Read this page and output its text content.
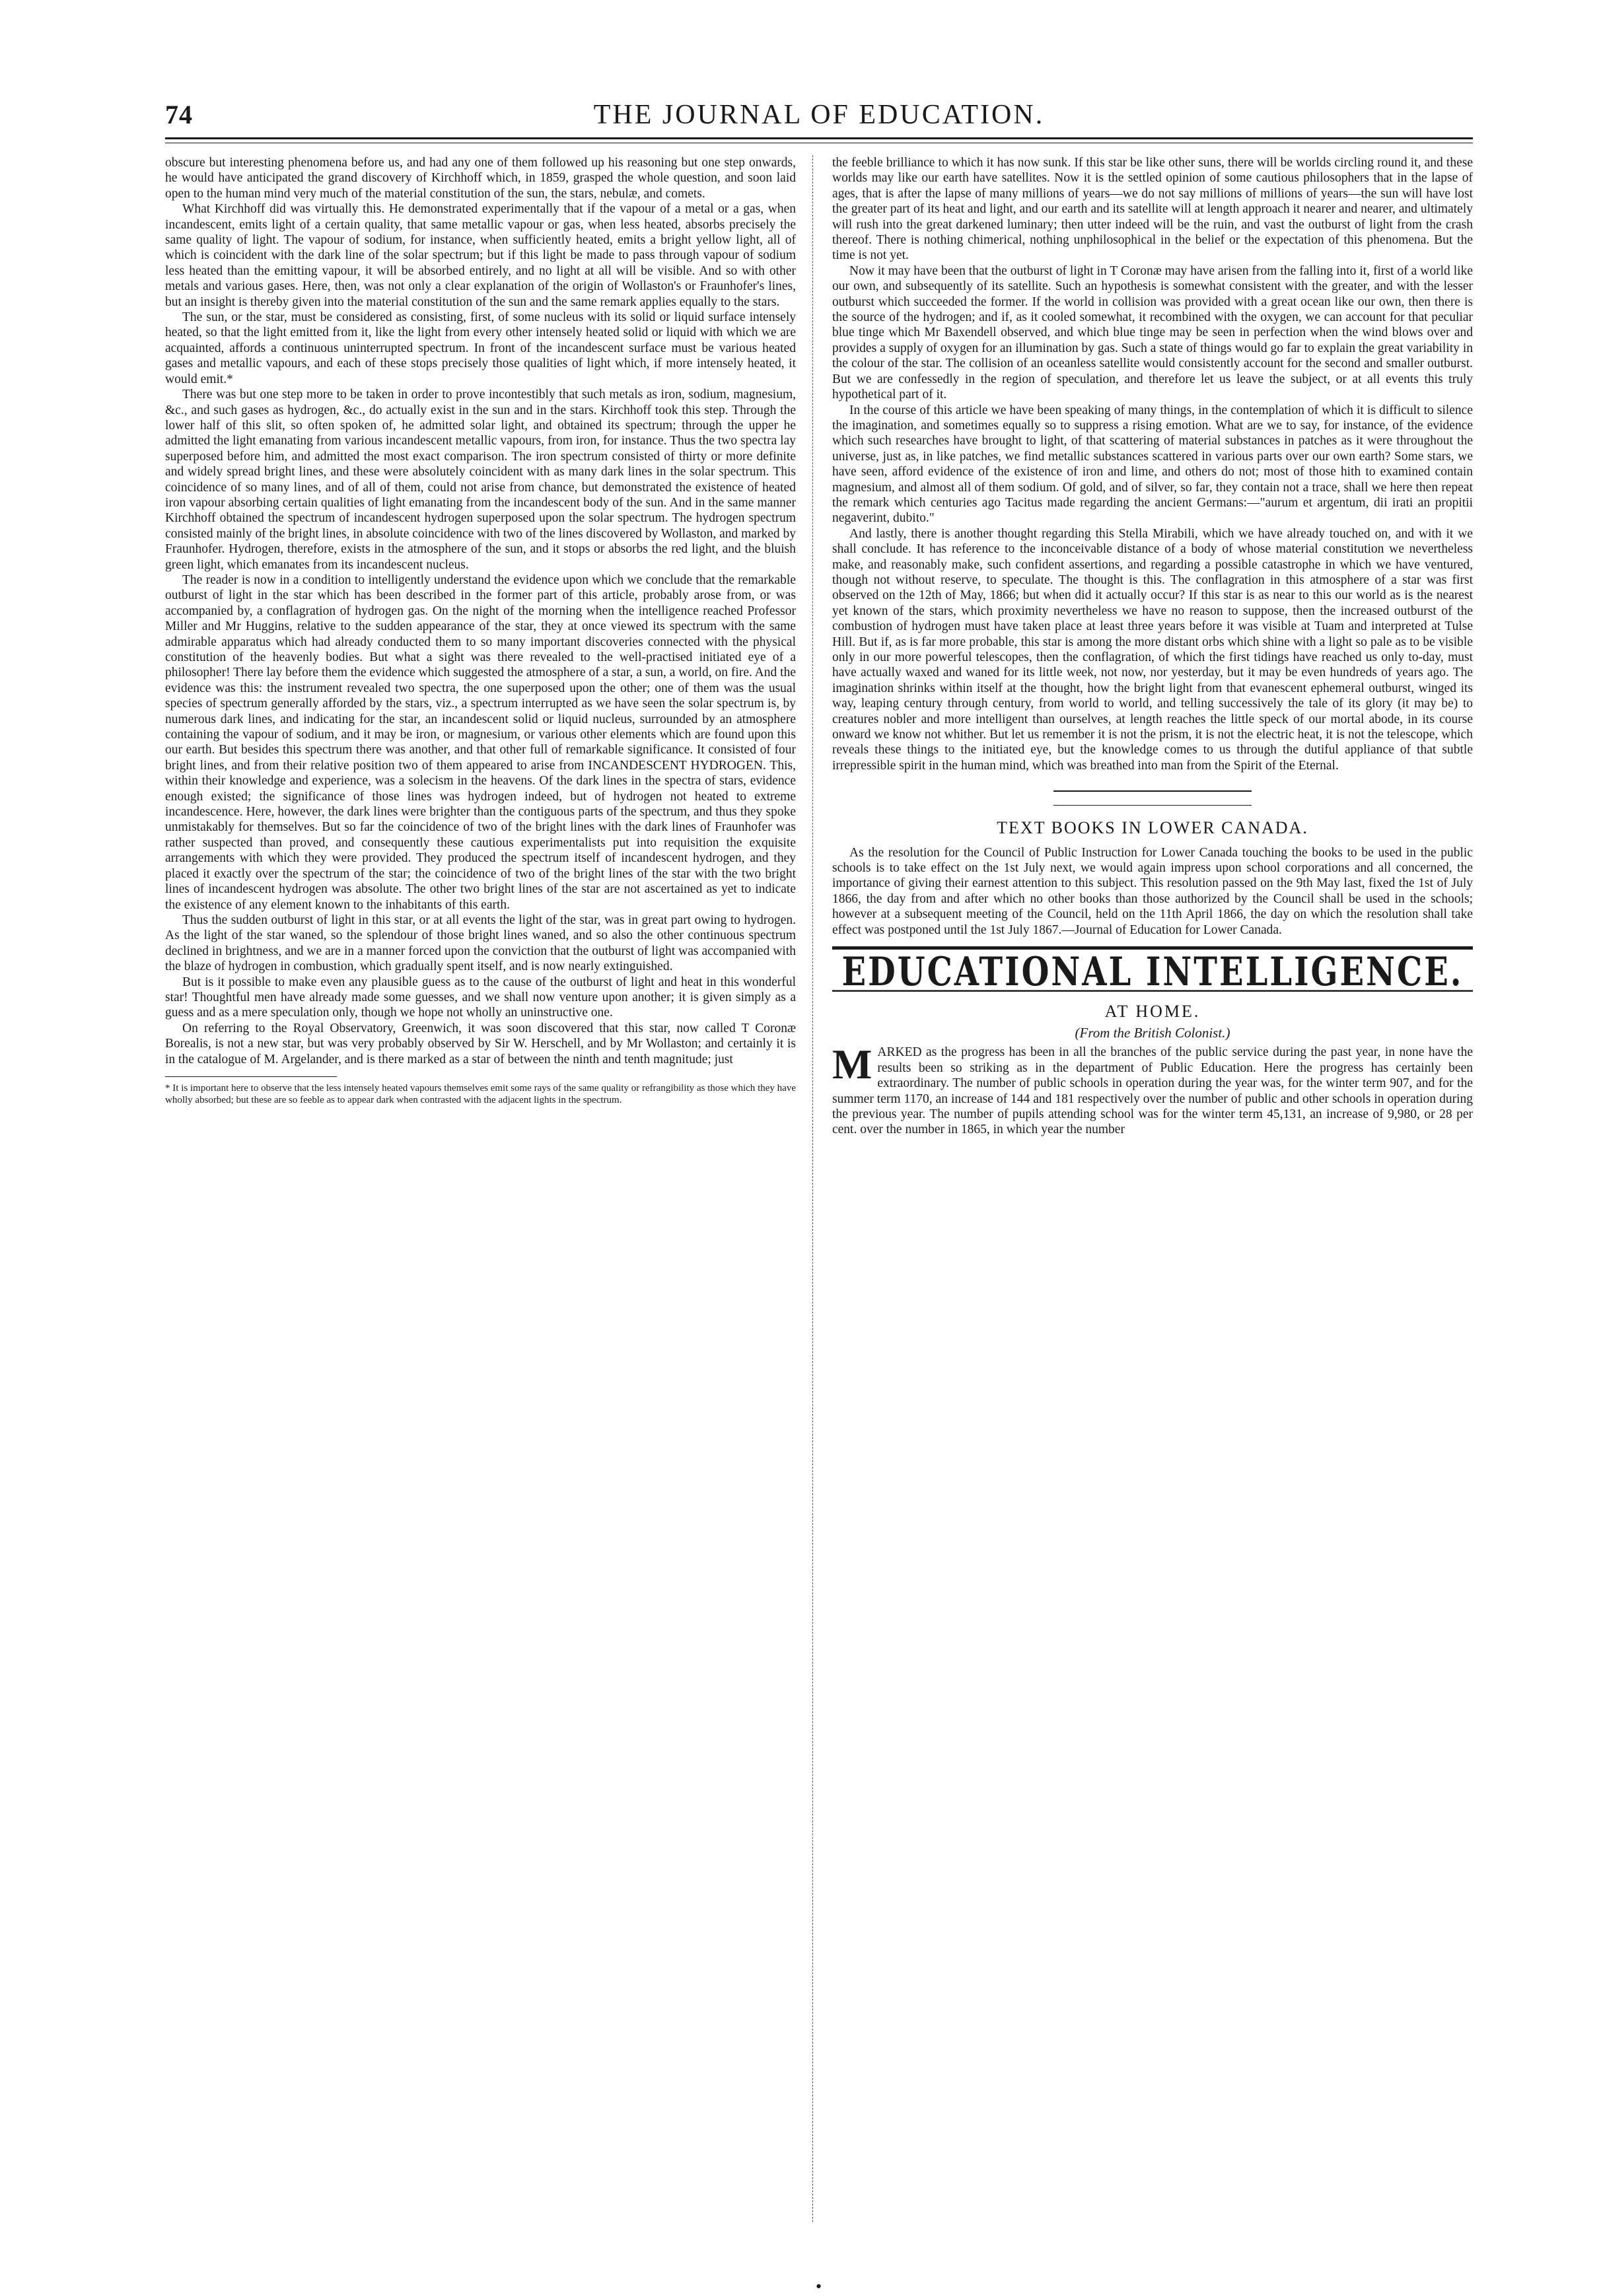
74	THE JOURNAL OF EDUCATION.

obscure but interesting phenomena before us, and had any one of them followed up his reasoning but one step onwards, he would have anticipated the grand discovery of Kirchhoff which, in 1859, grasped the whole question, and soon laid open to the human mind very much of the material constitution of the sun, the stars, nebulæ, and comets.

What Kirchhoff did was virtually this. He demonstrated experimentally that if the vapour of a metal or a gas, when incandescent, emits light of a certain quality, that same metallic vapour or gas, when less heated, absorbs precisely the same quality of light. The vapour of sodium, for instance, when sufficiently heated, emits a bright yellow light, all of which is coincident with the dark line of the solar spectrum; but if this light be made to pass through vapour of sodium less heated than the emitting vapour, it will be absorbed entirely, and no light at all will be visible. And so with other metals and various gases. Here, then, was not only a clear explanation of the origin of Wollaston's or Fraunhofer's lines, but an insight is thereby given into the material constitution of the sun and the same remark applies equally to the stars.

The sun, or the star, must be considered as consisting, first, of some nucleus with its solid or liquid surface intensely heated, so that the light emitted from it, like the light from every other intensely heated solid or liquid with which we are acquainted, affords a continuous uninterrupted spectrum. In front of the incandescent surface must be various heated gases and metallic vapours, and each of these stops precisely those qualities of light which, if more intensely heated, it would emit.*

There was but one step more to be taken in order to prove incontestibly that such metals as iron, sodium, magnesium, &c., and such gases as hydrogen, &c., do actually exist in the sun and in the stars. Kirchhoff took this step. Through the lower half of this slit, so often spoken of, he admitted solar light, and obtained its spectrum; through the upper he admitted the light emanating from various incandescent metallic vapours, from iron, for instance. Thus the two spectra lay superposed before him, and admitted the most exact comparison. The iron spectrum consisted of thirty or more definite and widely spread bright lines, and these were absolutely coincident with as many dark lines in the solar spectrum. This coincidence of so many lines, and of all of them, could not arise from chance, but demonstrated the existence of heated iron vapour absorbing certain qualities of light emanating from the incandescent body of the sun. And in the same manner Kirchhoff obtained the spectrum of incandescent hydrogen superposed upon the solar spectrum. The hydrogen spectrum consisted mainly of the bright lines, in absolute coincidence with two of the lines discovered by Wollaston, and marked by Fraunhofer. Hydrogen, therefore, exists in the atmosphere of the sun, and it stops or absorbs the red light, and the bluish green light, which emanates from its incandescent nucleus.

The reader is now in a condition to intelligently understand the evidence upon which we conclude that the remarkable outburst of light in the star which has been described in the former part of this article, probably arose from, or was accompanied by, a conflagration of hydrogen gas. On the night of the morning when the intelligence reached Professor Miller and Mr Huggins, relative to the sudden appearance of the star, they at once viewed its spectrum with the same admirable apparatus which had already conducted them to so many important discoveries connected with the physical constitution of the heavenly bodies. But what a sight was there revealed to the well-practised initiated eye of a philosopher! There lay before them the evidence which suggested the atmosphere of a star, a sun, a world, on fire. And the evidence was this: the instrument revealed two spectra, the one superposed upon the other; one of them was the usual species of spectrum generally afforded by the stars, viz., a spectrum interrupted as we have seen the solar spectrum is, by numerous dark lines, and indicating for the star, an incandescent solid or liquid nucleus, surrounded by an atmosphere containing the vapour of sodium, and it may be iron, or magnesium, or various other elements which are found upon this our earth. But besides this spectrum there was another, and that other full of remarkable significance. It consisted of four bright lines, and from their relative position two of them appeared to arise from INCANDESCENT HYDROGEN. This, within their knowledge and experience, was a solecism in the heavens. Of the dark lines in the spectra of stars, evidence enough existed; the significance of those lines was hydrogen indeed, but of hydrogen not heated to extreme incandescence. Here, however, the dark lines were brighter than the contiguous parts of the spectrum, and thus they spoke unmistakably for themselves. But so far the coincidence of two of the bright lines with the dark lines of Fraunhofer was rather suspected than proved, and consequently these cautious experimentalists put into requisition the exquisite arrangements with which they were provided. They produced the spectrum itself of incandescent hydrogen, and they placed it exactly over the spectrum of the star; the coincidence of two of the bright lines of the star with the two bright lines of incandescent hydrogen was absolute. The other two bright lines of the star are not ascertained as yet to indicate the existence of any element known to the inhabitants of this earth.

Thus the sudden outburst of light in this star, or at all events the light of the star, was in great part owing to hydrogen. As the light of the star waned, so the splendour of those bright lines waned, and so also the other continuous spectrum declined in brightness, and we are in a manner forced upon the conviction that the outburst of light was accompanied with the blaze of hydrogen in combustion, which gradually spent itself, and is now nearly extinguished.

But is it possible to make even any plausible guess as to the cause of the outburst of light and heat in this wonderful star! Thoughtful men have already made some guesses, and we shall now venture upon another; it is given simply as a guess and as a mere speculation only, though we hope not wholly an uninstructive one.

On referring to the Royal Observatory, Greenwich, it was soon discovered that this star, now called T Coronæ Borealis, is not a new star, but was very probably observed by Sir W. Herschell, and by Mr Wollaston; and certainly it is in the catalogue of M. Argelander, and is there marked as a star of between the ninth and tenth magnitude; just

* It is important here to observe that the less intensely heated vapours themselves emit some rays of the same quality or refrangibility as those which they have wholly absorbed; but these are so feeble as to appear dark when contrasted with the adjacent lights in the spectrum.

the feeble brilliance to which it has now sunk. If this star be like other suns, there will be worlds circling round it, and these worlds may like our earth have satellites. Now it is the settled opinion of some cautious philosophers that in the lapse of ages, that is after the lapse of many millions of years—we do not say millions of millions of years—the sun will have lost the greater part of its heat and light, and our earth and its satellite will at length approach it nearer and nearer, and ultimately will rush into the great darkened luminary; then utter indeed will be the ruin, and vast the outburst of light from the crash thereof. There is nothing chimerical, nothing unphilosophical in the belief or the expectation of this phenomena. But the time is not yet.

Now it may have been that the outburst of light in T Coronæ may have arisen from the falling into it, first of a world like our own, and subsequently of its satellite. Such an hypothesis is somewhat consistent with the greater, and with the lesser outburst which succeeded the former. If the world in collision was provided with a great ocean like our own, then there is the source of the hydrogen; and if, as it cooled somewhat, it recombined with the oxygen, we can account for that peculiar blue tinge which Mr Baxendell observed, and which blue tinge may be seen in perfection when the wind blows over and provides a supply of oxygen for an illumination by gas. Such a state of things would go far to explain the great variability in the colour of the star. The collision of an oceanless satellite would consistently account for the second and smaller outburst. But we are confessedly in the region of speculation, and therefore let us leave the subject, or at all events this truly hypothetical part of it.

In the course of this article we have been speaking of many things, in the contemplation of which it is difficult to silence the imagination, and sometimes equally so to suppress a rising emotion. What are we to say, for instance, of the evidence which such researches have brought to light, of that scattering of material substances in patches as it were throughout the universe, just as, in like patches, we find metallic substances scattered in various parts over our own earth? Some stars, we have seen, afford evidence of the existence of iron and lime, and others do not; most of those hith to examined contain magnesium, and almost all of them sodium. Of gold, and of silver, so far, they contain not a trace, shall we here then repeat the remark which centuries ago Tacitus made regarding the ancient Germans:—"aurum et argentum, dii irati an propitii negaverint, dubito."

And lastly, there is another thought regarding this Stella Mirabili, which we have already touched on, and with it we shall conclude. It has reference to the inconceivable distance of a body of whose material constitution we nevertheless make, and reasonably make, such confident assertions, and regarding a possible catastrophe in which we have ventured, though not without reserve, to speculate. The thought is this. The conflagration in this atmosphere of a star was first observed on the 12th of May, 1866; but when did it actually occur? If this star is as near to this our world as is the nearest yet known of the stars, which proximity nevertheless we have no reason to suppose, then the increased outburst of the combustion of hydrogen must have taken place at least three years before it was visible at Tuam and interpreted at Tulse Hill. But if, as is far more probable, this star is among the more distant orbs which shine with a light so pale as to be visible only in our more powerful telescopes, then the conflagration, of which the first tidings have reached us only to-day, must have actually waxed and waned for its little week, not now, nor yesterday, but it may be even hundreds of years ago. The imagination shrinks within itself at the thought, how the bright light from that evanescent ephemeral outburst, winged its way, leaping century through century, from world to world, and telling successively the tale of its glory (it may be) to creatures nobler and more intelligent than ourselves, at length reaches the little speck of our mortal abode, in its course onward we know not whither. But let us remember it is not the prism, it is not the electric heat, it is not the telescope, which reveals these things to the initiated eye, but the knowledge comes to us through the dutiful appliance of that subtle irrepressible spirit in the human mind, which was breathed into man from the Spirit of the Eternal.

TEXT BOOKS IN LOWER CANADA.

As the resolution for the Council of Public Instruction for Lower Canada touching the books to be used in the public schools is to take effect on the 1st July next, we would again impress upon school corporations and all concerned, the importance of giving their earnest attention to this subject. This resolution passed on the 9th May last, fixed the 1st of July 1866, the day from and after which no other books than those authorized by the Council shall be used in the schools; however at a subsequent meeting of the Council, held on the 11th April 1866, the day on which the resolution shall take effect was postponed until the 1st July 1867.—Journal of Education for Lower Canada.

EDUCATIONAL INTELLIGENCE.
AT HOME.
(From the British Colonist.)

MARKED as the progress has been in all the branches of the public service during the past year, in none have the results been so striking as in the department of Public Education. Here the progress has certainly been extraordinary. The number of public schools in operation during the year was, for the winter term 907, and for the summer term 1170, an increase of 144 and 181 respectively over the number of public and other schools in operation during the previous year. The number of pupils attending school was for the winter term 45,131, an increase of 9,980, or 28 per cent. over the number in 1865, in which year the number

•
